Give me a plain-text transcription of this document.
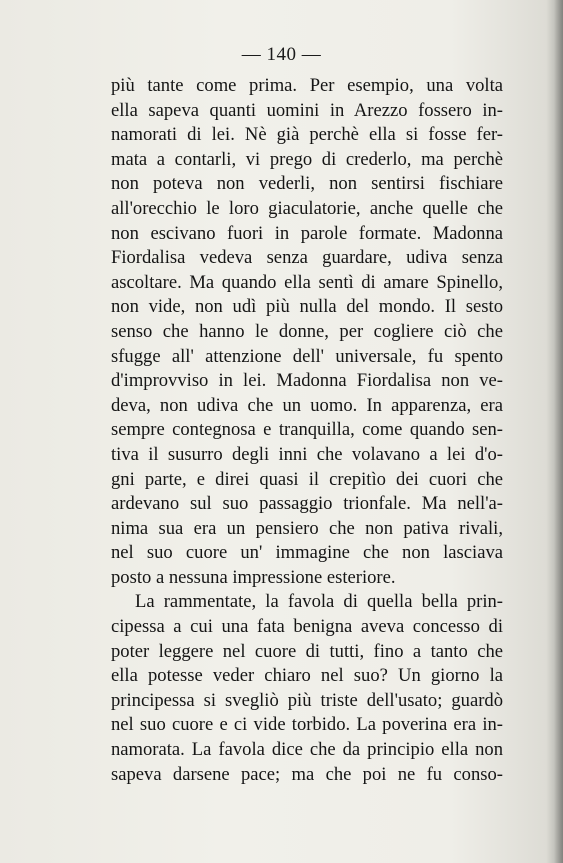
— 140 —
più tante come prima. Per esempio, una volta
ella sapeva quanti uomini in Arezzo fossero in-
namorati di lei. Nè già perchè ella si fosse fer-
mata a contarli, vi prego di crederlo, ma perchè
non poteva non vederli, non sentirsi fischiare
all'orecchio le loro giaculatorie, anche quelle che
non escivano fuori in parole formate. Madonna
Fiordalisa vedeva senza guardare, udiva senza
ascoltare. Ma quando ella sentì di amare Spinello,
non vide, non udì più nulla del mondo. Il sesto
senso che hanno le donne, per cogliere ciò che
sfugge all' attenzione dell' universale, fu spento
d'improvviso in lei. Madonna Fiordalisa non ve-
deva, non udiva che un uomo. In apparenza, era
sempre contegnosa e tranquilla, come quando sen-
tiva il susurro degli inni che volavano a lei d'o-
gni parte, e direi quasi il crepitìo dei cuori che
ardevano sul suo passaggio trionfale. Ma nell'a-
nima sua era un pensiero che non pativa rivali,
nel suo cuore un' immagine che non lasciava
posto a nessuna impressione esteriore.
La rammentate, la favola di quella bella prin-
cipessa a cui una fata benigna aveva concesso di
poter leggere nel cuore di tutti, fino a tanto che
ella potesse veder chiaro nel suo? Un giorno la
principessa si svegliò più triste dell'usato; guardò
nel suo cuore e ci vide torbido. La poverina era in-
namorata. La favola dice che da principio ella non
sapeva darsene pace; ma che poi ne fu conso-
